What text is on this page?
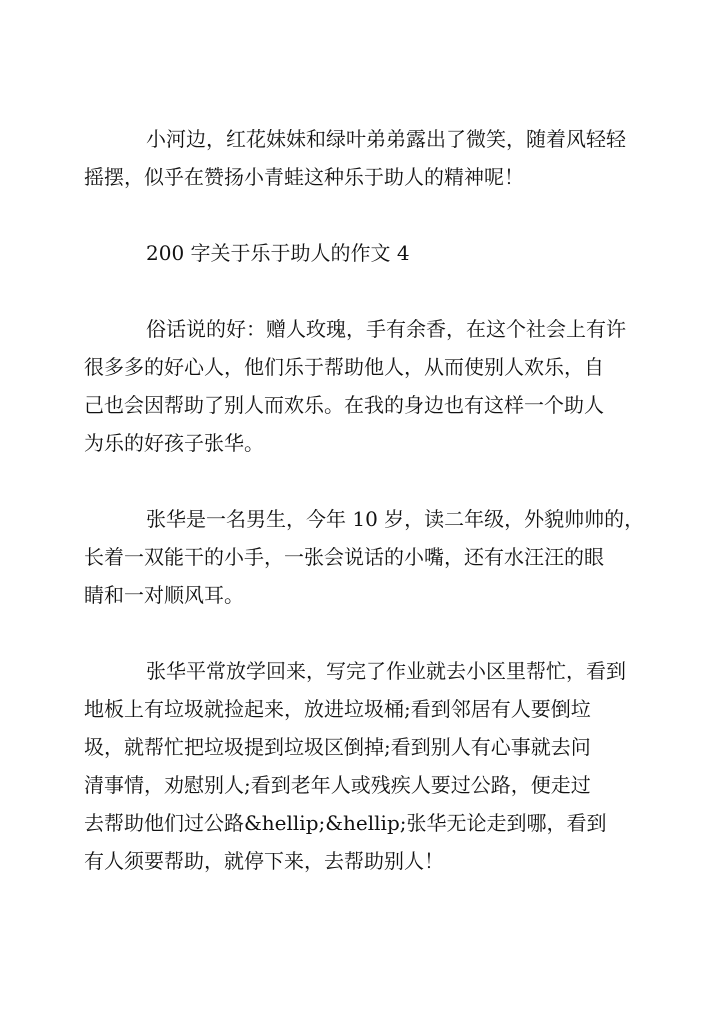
小河边，红花妹妹和绿叶弟弟露出了微笑，随着风轻轻
摇摆，似乎在赞扬小青蛙这种乐于助人的精神呢！
200 字关于乐于助人的作文 4
俗话说的好：赠人玫瑰，手有余香，在这个社会上有许
很多多的好心人，他们乐于帮助他人，从而使别人欢乐，自
己也会因帮助了别人而欢乐。在我的身边也有这样一个助人
为乐的好孩子张华。
张华是一名男生，今年 10 岁，读二年级，外貌帅帅的，
长着一双能干的小手，一张会说话的小嘴，还有水汪汪的眼
睛和一对顺风耳。
张华平常放学回来，写完了作业就去小区里帮忙，看到
地板上有垃圾就捡起来，放进垃圾桶;看到邻居有人要倒垃
圾，就帮忙把垃圾提到垃圾区倒掉;看到别人有心事就去问
清事情，劝慰别人;看到老年人或残疾人要过公路，便走过
去帮助他们过公路&hellip;&hellip;张华无论走到哪，看到
有人须要帮助，就停下来，去帮助别人！
